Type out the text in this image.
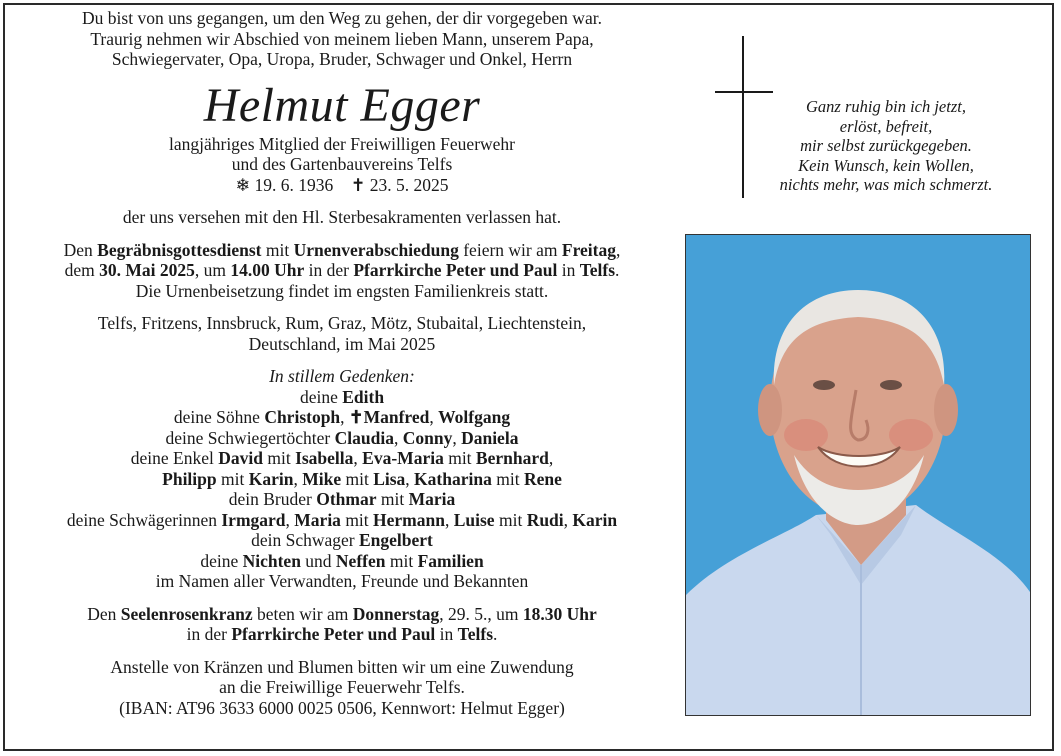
Du bist von uns gegangen, um den Weg zu gehen, der dir vorgegeben war.

Traurig nehmen wir Abschied von meinem lieben Mann, unserem Papa,

Schwiegervater, Opa, Uropa, Bruder, Schwager und Onkel, Herrn

Helmut Egger

langjähriges Mitglied der Freiwilligen Feuerwehr

und des Gartenbauvereins Telfs

❄ 19. 6. 1936 ✝ 23. 5. 2025

der uns versehen mit den Hl. Sterbesakramenten verlassen hat.

Den Begräbnisgottesdienst mit Urnenverabschiedung feiern wir am Freitag,

dem 30. Mai 2025, um 14.00 Uhr in der Pfarrkirche Peter und Paul in Telfs.

Die Urnenbeisetzung findet im engsten Familienkreis statt.

Telfs, Fritzens, Innsbruck, Rum, Graz, Mötz, Stubaital, Liechtenstein,

Deutschland, im Mai 2025

In stillem Gedenken:

deine Edith

deine Söhne Christoph, ✝Manfred, Wolfgang

deine Schwiegertöchter Claudia, Conny, Daniela

deine Enkel David mit Isabella, Eva-Maria mit Bernhard,

Philipp mit Karin, Mike mit Lisa, Katharina mit Rene

dein Bruder Othmar mit Maria

deine Schwägerinnen Irmgard, Maria mit Hermann, Luise mit Rudi, Karin

dein Schwager Engelbert

deine Nichten und Neffen mit Familien

im Namen aller Verwandten, Freunde und Bekannten

Den Seelenrosenkranz beten wir am Donnerstag, 29. 5., um 18.30 Uhr

in der Pfarrkirche Peter und Paul in Telfs.

Anstelle von Kränzen und Blumen bitten wir um eine Zuwendung

an die Freiwillige Feuerwehr Telfs.

(IBAN: AT96 3633 6000 0025 0506, Kennwort: Helmut Egger)

Ganz ruhig bin ich jetzt,

erlöst, befreit,

mir selbst zurückgegeben.

Kein Wunsch, kein Wollen,

nichts mehr, was mich schmerzt.
